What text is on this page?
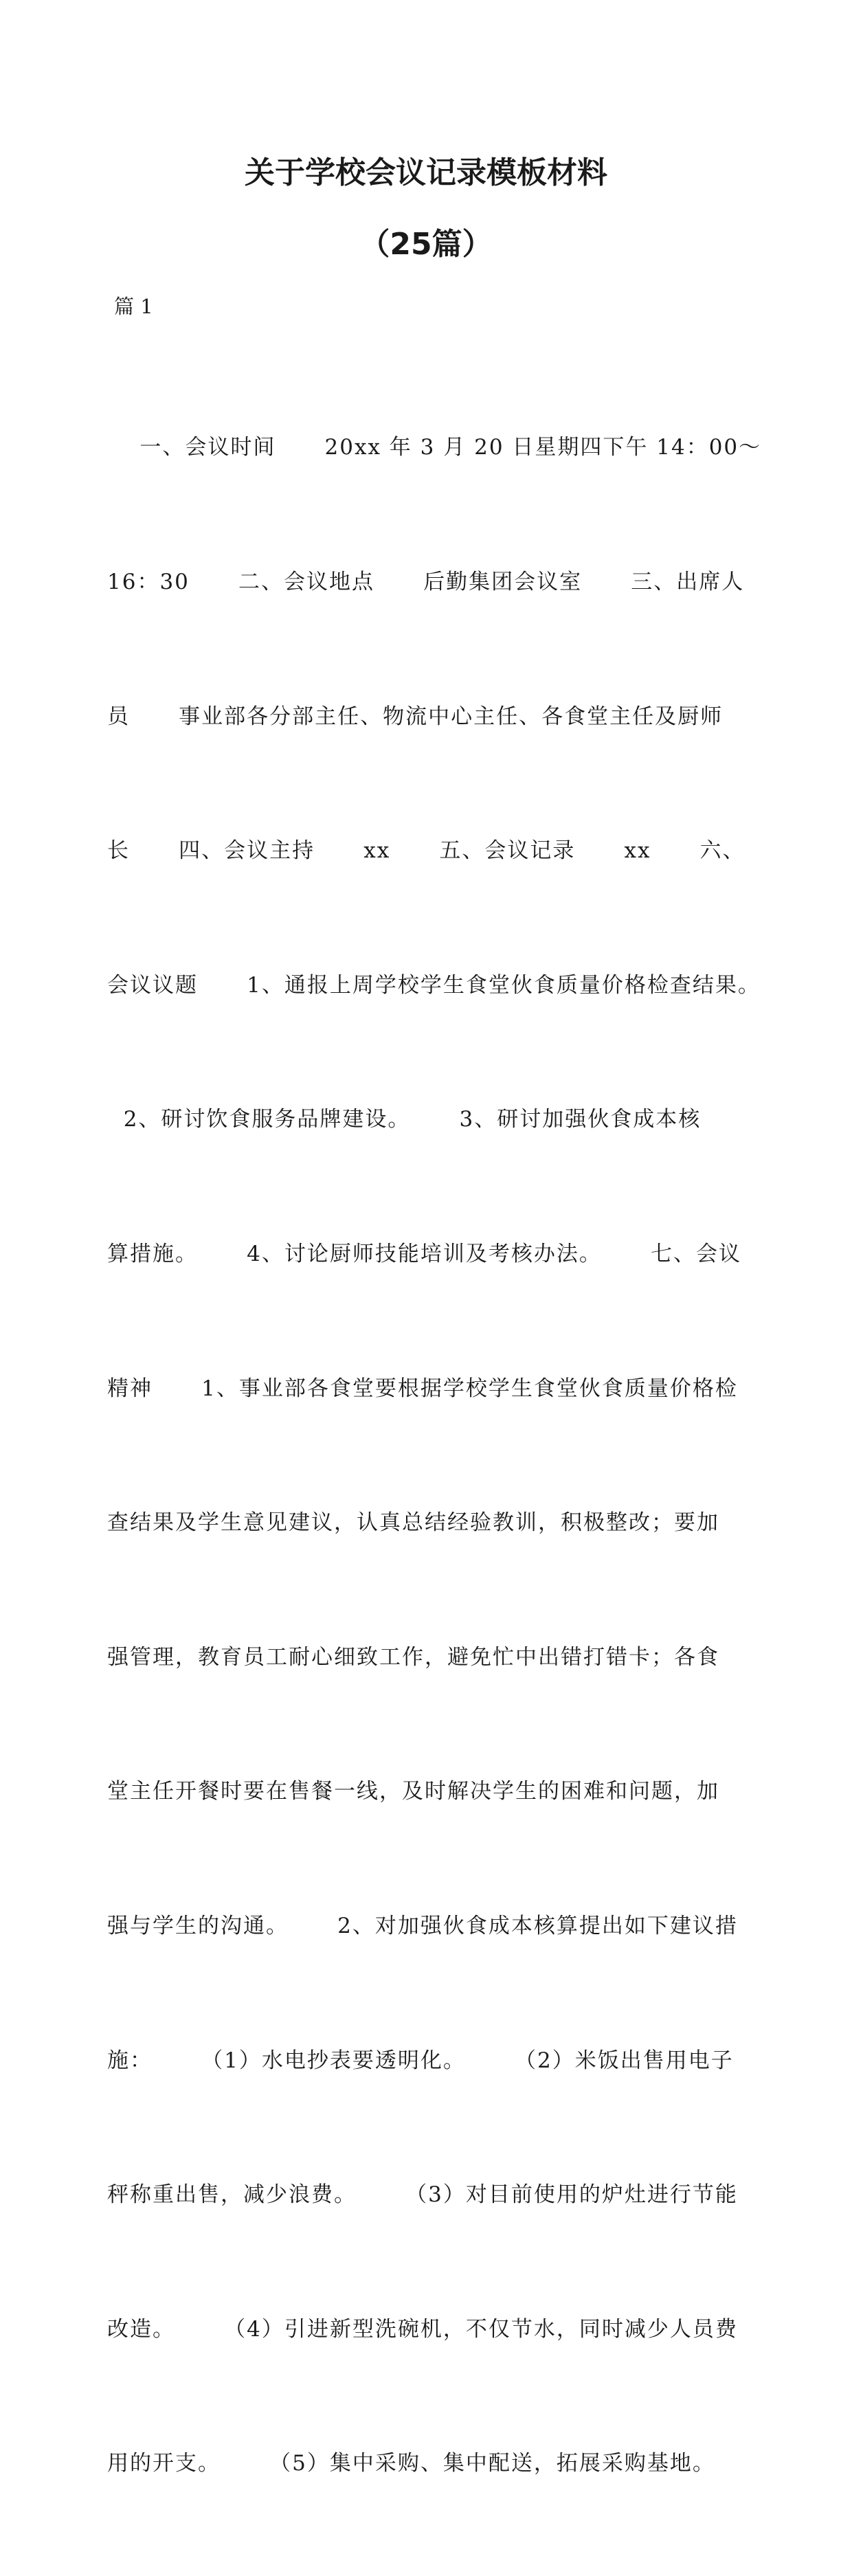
关于学校会议记录模板材料
（25篇）

篇 1

一、会议时间      20xx 年 3 月 20 日星期四下午 14：00～

16：30      二、会议地点      后勤集团会议室      三、出席人

员      事业部各分部主任、物流中心主任、各食堂主任及厨师

长      四、会议主持      xx      五、会议记录      xx      六、

会议议题      1、通报上周学校学生食堂伙食质量价格检查结果。

2、研讨饮食服务品牌建设。      3、研讨加强伙食成本核

算措施。      4、讨论厨师技能培训及考核办法。      七、会议

精神      1、事业部各食堂要根据学校学生食堂伙食质量价格检

查结果及学生意见建议，认真总结经验教训，积极整改；要加

强管理，教育员工耐心细致工作，避免忙中出错打错卡；各食

堂主任开餐时要在售餐一线，及时解决学生的困难和问题，加

强与学生的沟通。      2、对加强伙食成本核算提出如下建议措

施：      （1）水电抄表要透明化。      （2）米饭出售用电子

秤称重出售，减少浪费。      （3）对目前使用的炉灶进行节能

改造。      （4）引进新型洗碗机，不仅节水，同时减少人员费

用的开支。      （5）集中采购、集中配送，拓展采购基地。
